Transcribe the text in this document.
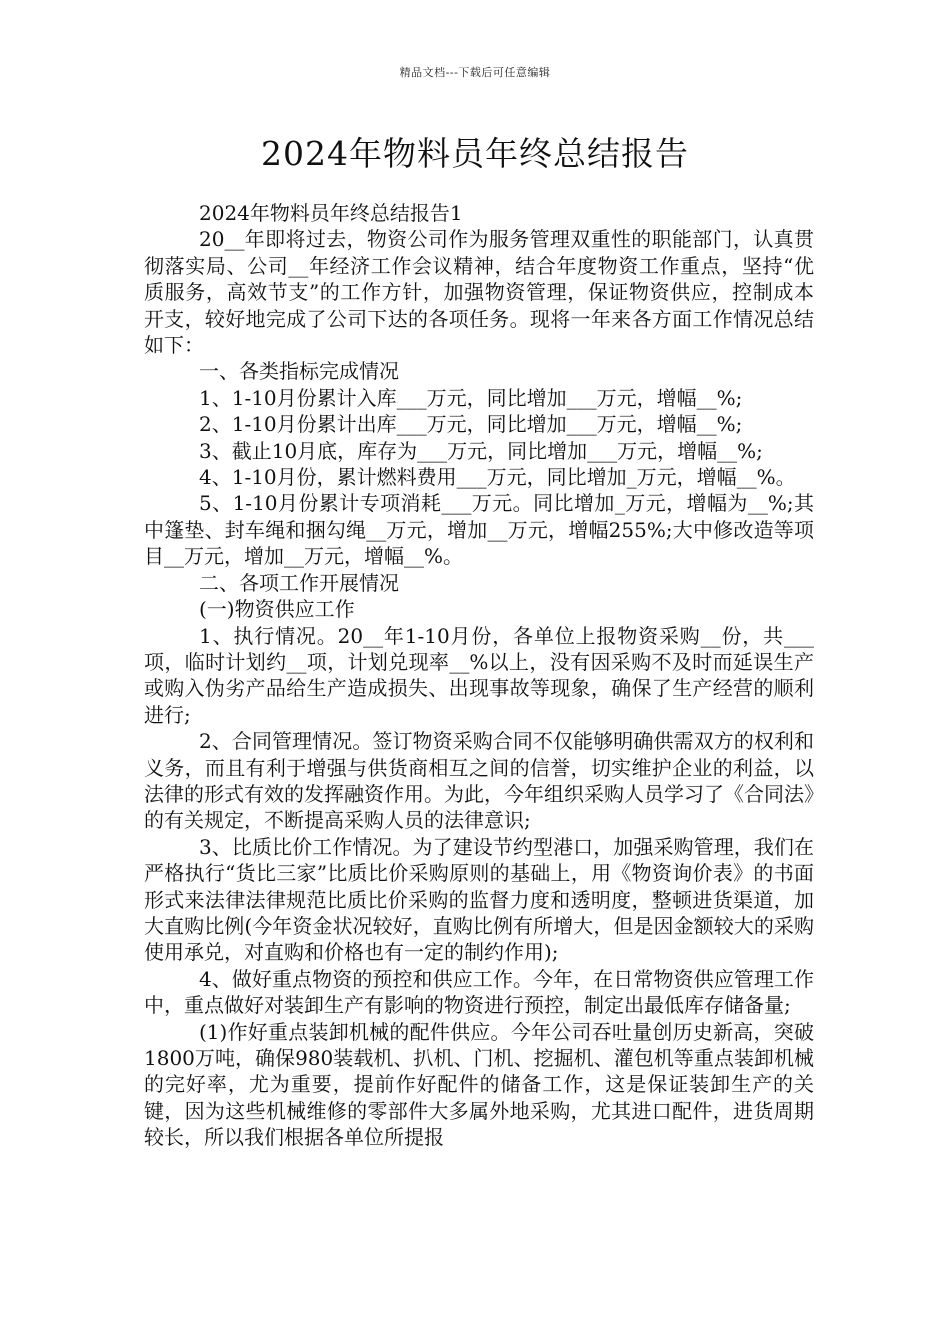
精品文档---下载后可任意编辑
2024年物料员年终总结报告

2024年物料员年终总结报告1

20__年即将过去，物资公司作为服务管理双重性的职能部门，认真贯彻落实局、公司__年经济工作会议精神，结合年度物资工作重点，坚持“优质服务，高效节支”的工作方针，加强物资管理，保证物资供应，控制成本开支，较好地完成了公司下达的各项任务。现将一年来各方面工作情况总结如下：

一、各类指标完成情况

1、1-10月份累计入库___万元，同比增加___万元，增幅__%;

2、1-10月份累计出库___万元，同比增加___万元，增幅__%;

3、截止10月底，库存为___万元，同比增加___万元，增幅__%;

4、1-10月份，累计燃料费用___万元，同比增加_万元，增幅__%。

5、1-10月份累计专项消耗___万元。同比增加_万元，增幅为__%;其中篷垫、封车绳和捆勾绳__万元，增加__万元，增幅255%;大中修改造等项目__万元，增加__万元，增幅__%。

二、各项工作开展情况

(一)物资供应工作

1、执行情况。20__年1-10月份，各单位上报物资采购__份，共___项，临时计划约__项，计划兑现率__%以上，没有因采购不及时而延误生产或购入伪劣产品给生产造成损失、出现事故等现象，确保了生产经营的顺利进行;

2、合同管理情况。签订物资采购合同不仅能够明确供需双方的权利和义务，而且有利于增强与供货商相互之间的信誉，切实维护企业的利益，以法律的形式有效的发挥融资作用。为此，今年组织采购人员学习了《合同法》的有关规定，不断提高采购人员的法律意识;

3、比质比价工作情况。为了建设节约型港口，加强采购管理，我们在严格执行“货比三家”比质比价采购原则的基础上，用《物资询价表》的书面形式来法律法律规范比质比价采购的监督力度和透明度，整顿进货渠道，加大直购比例(今年资金状况较好，直购比例有所增大，但是因金额较大的采购使用承兑，对直购和价格也有一定的制约作用);

4、做好重点物资的预控和供应工作。今年，在日常物资供应管理工作中，重点做好对装卸生产有影响的物资进行预控，制定出最低库存储备量;

(1)作好重点装卸机械的配件供应。今年公司吞吐量创历史新高，突破1800万吨，确保980装载机、扒机、门机、挖掘机、灌包机等重点装卸机械的完好率，尤为重要，提前作好配件的储备工作，这是保证装卸生产的关键，因为这些机械维修的零部件大多属外地采购，尤其进口配件，进货周期较长，所以我们根据各单位所提报
